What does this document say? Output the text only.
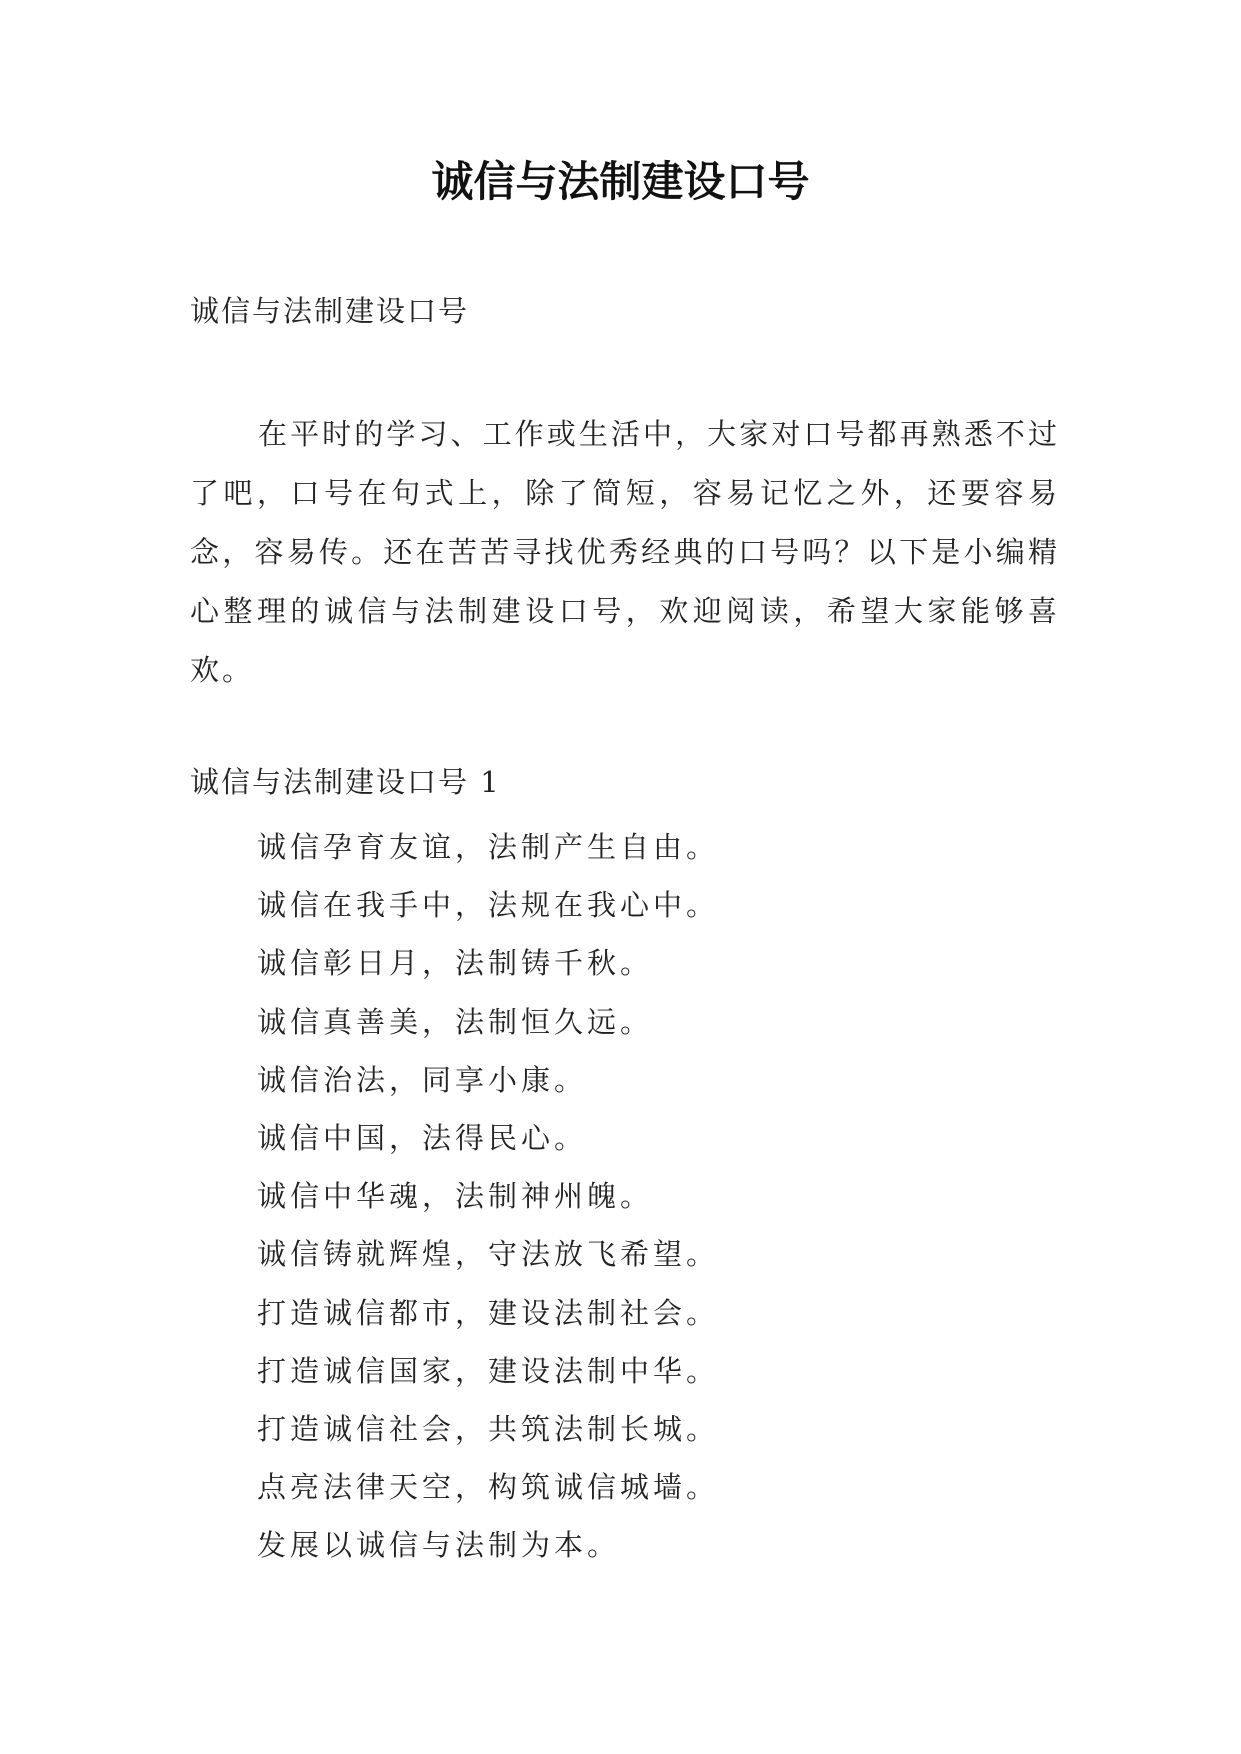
诚信与法制建设口号

诚信与法制建设口号

在平时的学习、工作或生活中，大家对口号都再熟悉不过了吧，口号在句式上，除了简短，容易记忆之外，还要容易念，容易传。还在苦苦寻找优秀经典的口号吗？以下是小编精心整理的诚信与法制建设口号，欢迎阅读，希望大家能够喜欢。

诚信与法制建设口号 1

诚信孕育友谊，法制产生自由。
诚信在我手中，法规在我心中。
诚信彰日月，法制铸千秋。
诚信真善美，法制恒久远。
诚信治法，同享小康。
诚信中国，法得民心。
诚信中华魂，法制神州魄。
诚信铸就辉煌，守法放飞希望。
打造诚信都市，建设法制社会。
打造诚信国家，建设法制中华。
打造诚信社会，共筑法制长城。
点亮法律天空，构筑诚信城墙。
发展以诚信与法制为本。
